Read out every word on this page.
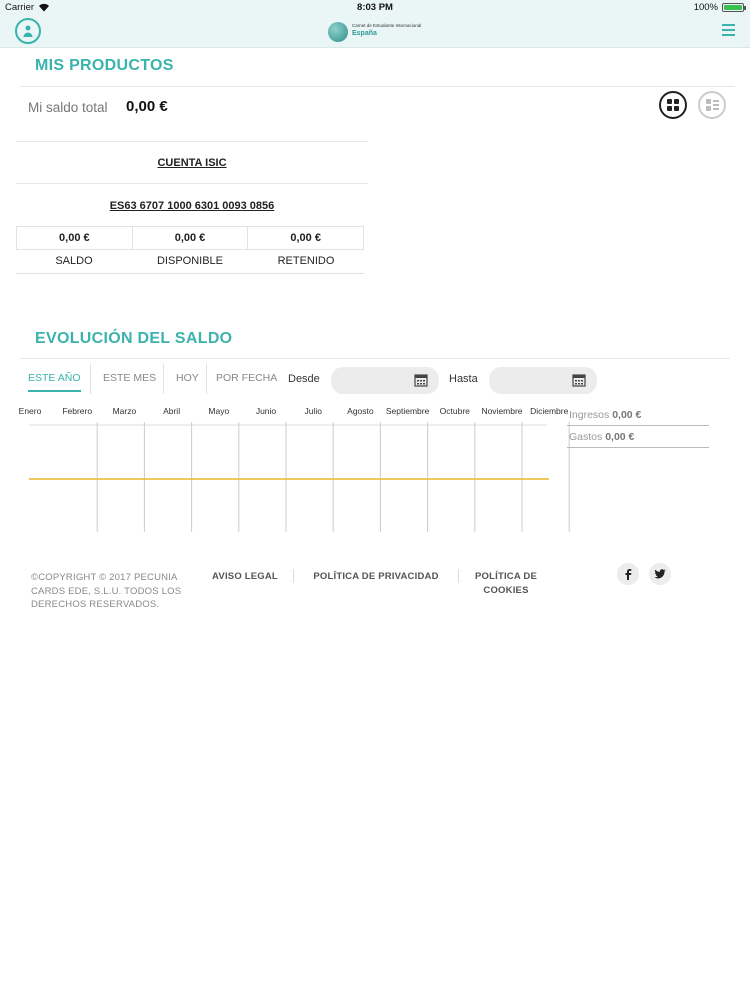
Carrier	8:03 PM	100%
Carnet de Estudiante Internacional
España
MIS PRODUCTOS
Mi saldo total 0,00 €
CUENTA ISIC
ES63 6707 1000 6301 0093 0856
0,00 €	0,00 €	0,00 €
SALDO	DISPONIBLE	RETENIDO
EVOLUCIÓN DEL SALDO
ESTE AÑO ESTE MES HOY POR FECHA Desde	Hasta
Enero Febrero Marzo	Abril	Mayo	Junio	Julio	Agosto Septiembre Octubre Noviembre Diciembre Ingresos 0,00 €
Gastos 0,00 €
©COPYRIGHT © 2017 PECUNIA CARDS EDE, S.L.U. TODOS LOS DERECHOS RESERVADOS.
AVISO LEGAL	POLÍTICA DE PRIVACIDAD	POLÍTICA DE COOKIES
